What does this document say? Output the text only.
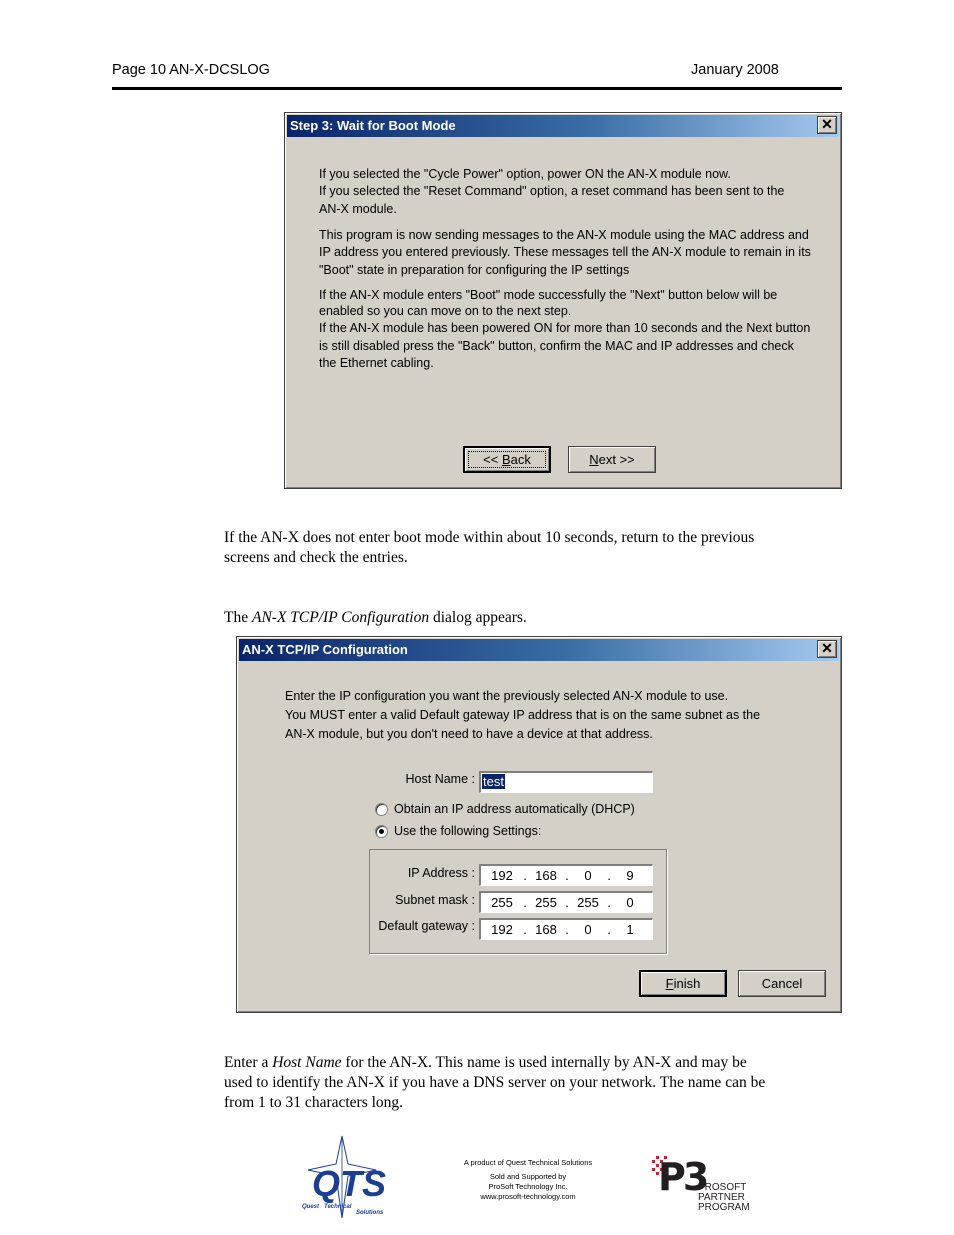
Page 10 AN-X-DCSLOG	January 2008
Step 3: Wait for Boot Mode	✕
If you selected the "Cycle Power" option, power ON the AN-X module now.
If you selected the "Reset Command" option, a reset command has been sent to the
AN-X module.
This program is now sending messages to the AN-X module using the MAC address and
IP address you entered previously. These messages tell the AN-X module to remain in its
"Boot" state in preparation for configuring the IP settings
If the AN-X module enters "Boot" mode successfully the "Next" button below will be
enabled so you can move on to the next step.
If the AN-X module has been powered ON for more than 10 seconds and the Next button
is still disabled press the "Back" button, confirm the MAC and IP addresses and check
the Ethernet cabling.
<< Back	Next >>
If the AN-X does not enter boot mode within about 10 seconds, return to the previous
screens and check the entries.
The AN-X TCP/IP Configuration dialog appears.
AN-X TCP/IP Configuration	✕
Enter the IP configuration you want the previously selected AN-X module to use.
You MUST enter a valid Default gateway IP address that is on the same subnet as the
AN-X module, but you don't need to have a device at that address.
Host Name : test
Obtain an IP address automatically (DHCP)
Use the following Settings:
IP Address :	192 . 168 .	0	.	9
Subnet mask :	255 . 255 . 255 .	0
Default gateway :	192 . 168 .	0	.	1
Finish	Cancel
Enter a Host Name for the AN-X. This name is used internally by AN-X and may be
used to identify the AN-X if you have a DNS server on your network. The name can be
from 1 to 31 characters long.
QTS
Quest Technical
Solutions
A product of Quest Technical Solutions
Sold and Supported by
ProSoft Technology Inc.
www.prosoft-technology.com	P3
PROSOFT
PARTNER
PROGRAM
